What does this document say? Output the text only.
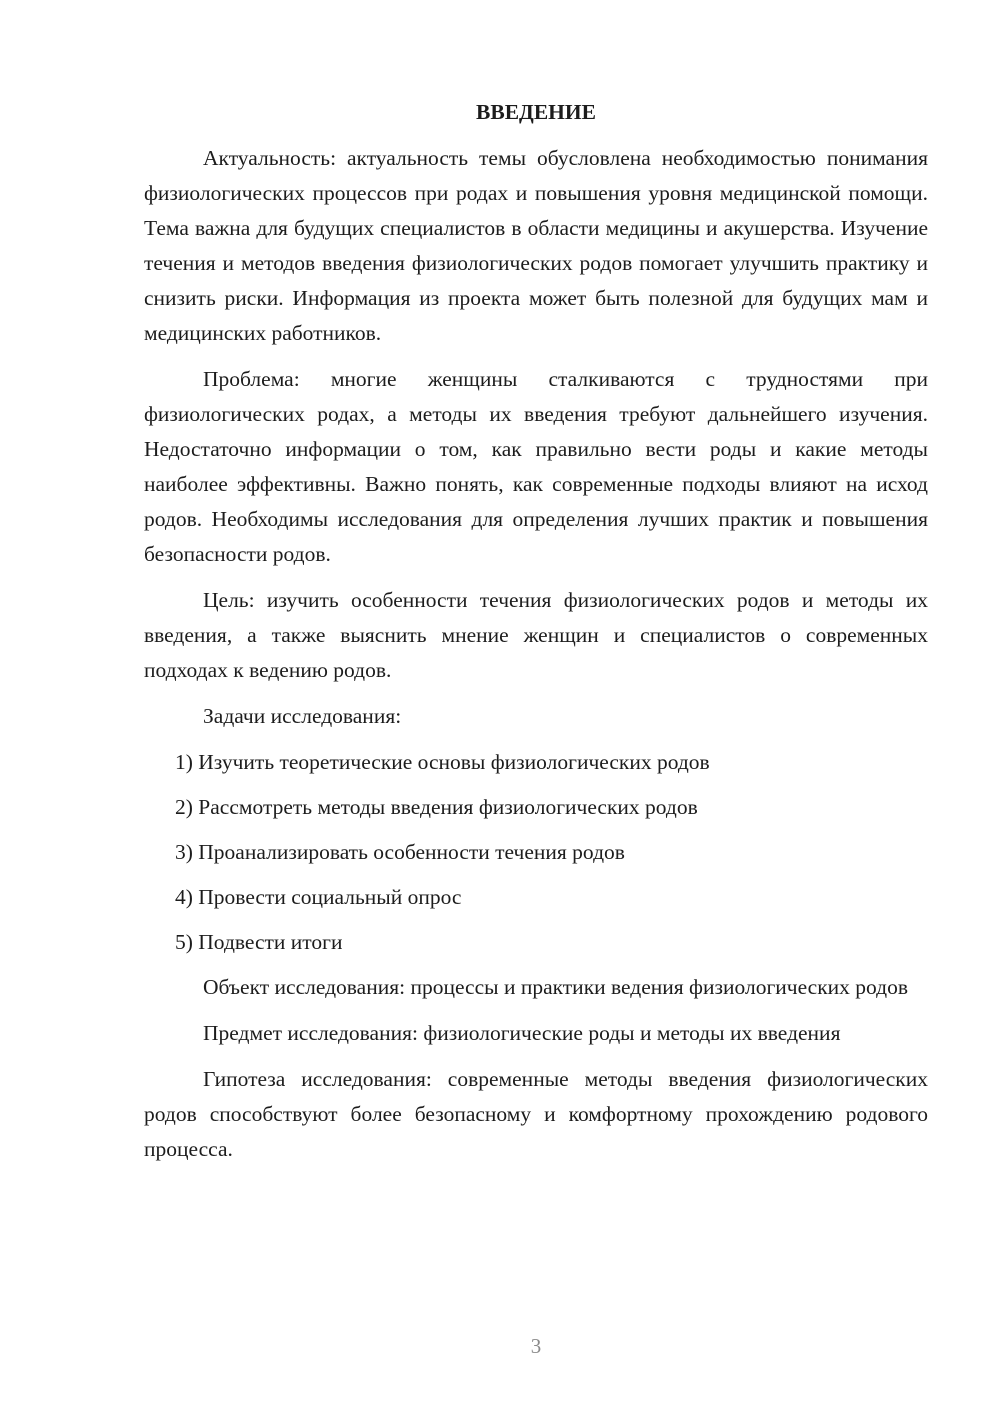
ВВЕДЕНИЕ

Актуальность: актуальность темы обусловлена необходимостью понимания физиологических процессов при родах и повышения уровня медицинской помощи. Тема важна для будущих специалистов в области медицины и акушерства. Изучение течения и методов введения физиологических родов помогает улучшить практику и снизить риски. Информация из проекта может быть полезной для будущих мам и медицинских работников.

Проблема: многие женщины сталкиваются с трудностями при физиологических родах, а методы их введения требуют дальнейшего изучения. Недостаточно информации о том, как правильно вести роды и какие методы наиболее эффективны. Важно понять, как современные подходы влияют на исход родов. Необходимы исследования для определения лучших практик и повышения безопасности родов.

Цель: изучить особенности течения физиологических родов и методы их введения, а также выяснить мнение женщин и специалистов о современных подходах к ведению родов.

Задачи исследования:

1) Изучить теоретические основы физиологических родов
2) Рассмотреть методы введения физиологических родов
3) Проанализировать особенности течения родов
4) Провести социальный опрос
5) Подвести итоги

Объект исследования: процессы и практики ведения физиологических родов

Предмет исследования: физиологические роды и методы их введения

Гипотеза исследования: современные методы введения физиологических родов способствуют более безопасному и комфортному прохождению родового процесса.

3
